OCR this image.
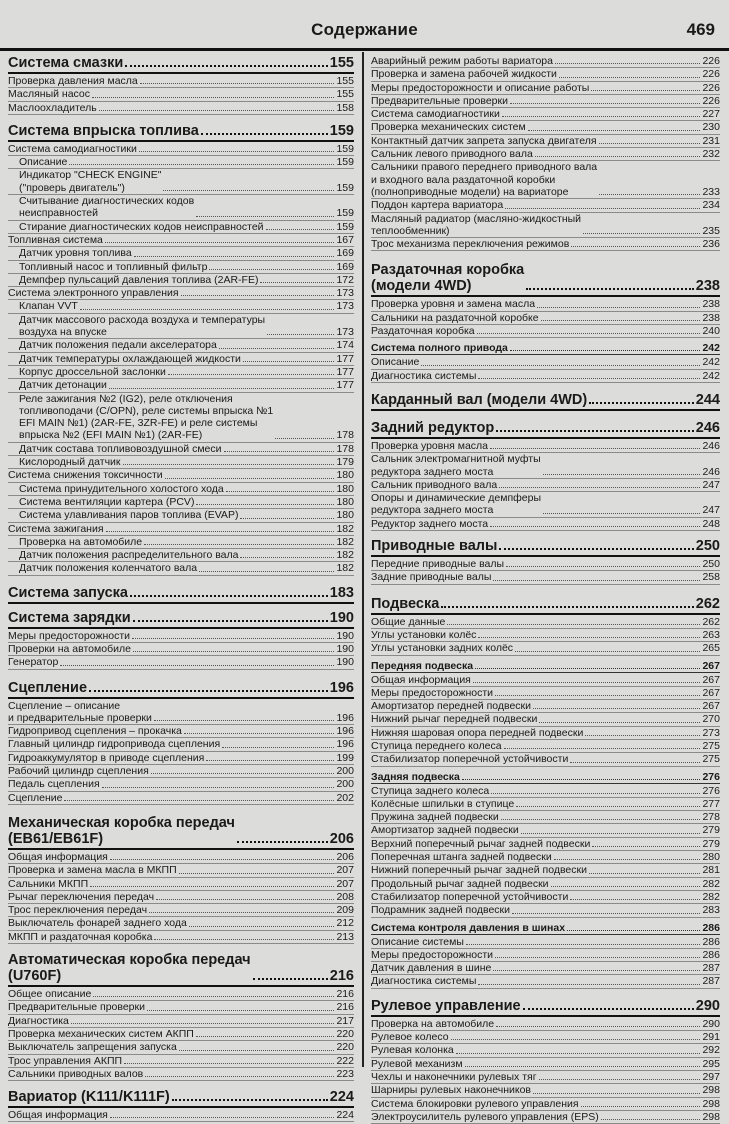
Содержание	469
Система смазки	155
Проверка давления масла	155
Масляный насос	155
Маслоохладитель	158
Система впрыска топлива	159
Система самодиагностики	159
Описание	159
Индикатор "CHECK ENGINE"
("проверь двигатель")	159
Считывание диагностических кодов
неисправностей	159
Стирание диагностических кодов неисправностей	159
Топливная система	167
Датчик уровня топлива	169
Топливный насос и топливный фильтр	169
Демпфер пульсаций давления топлива (2AR-FE)	172
Система электронного управления	173
Клапан VVT	173
Датчик массового расхода воздуха и температуры
воздуха на впуске	173
Датчик положения педали акселератора	174
Датчик температуры охлаждающей жидкости	177
Корпус дроссельной заслонки	177
Датчик детонации	177
Реле зажигания №2 (IG2), реле отключения
топливоподачи (C/OPN), реле системы впрыска №1
EFI MAIN №1) (2AR-FE, 3ZR-FE) и реле системы
впрыска №2 (EFI MAIN №1) (2AR-FE)	178
Датчик состава топливовоздушной смеси	178
Кислородный датчик	179
Система снижения токсичности	180
Система принудительного холостого хода	180
Система вентиляции картера (PCV)	180
Система улавливания паров топлива (EVAP)	180
Система зажигания	182
Проверка на автомобиле	182
Датчик положения распределительного вала	182
Датчик положения коленчатого вала	182
Система запуска	183
Система зарядки	190
Меры предосторожности	190
Проверки на автомобиле	190
Генератор	190
Сцепление	196
Сцепление – описание
и предварительные проверки	196
Гидропривод сцепления – прокачка	196
Главный цилиндр гидропривода сцепления	196
Гидроаккумулятор в приводе сцепления	199
Рабочий цилиндр сцепления	200
Педаль сцепления	200
Сцепление	202
Механическая коробка передач
(EB61/EB61F)	206
Общая информация	206
Проверка и замена масла в МКПП	207
Сальники МКПП	207
Рычаг переключения передач	208
Трос переключения передач	209
Выключатель фонарей заднего хода	212
МКПП и раздаточная коробка	213
Автоматическая коробка передач
(U760F)	216
Общее описание	216
Предварительные проверки	216
Диагностика	217
Проверка механических систем АКПП	220
Выключатель запрещения запуска	220
Трос управления АКПП	222
Сальники приводных валов	223
Вариатор (K111/K111F)	224
Общая информация	224
Аварийный режим работы вариатора	226
Проверка и замена рабочей жидкости	226
Меры предосторожности и описание работы	226
Предварительные проверки	226
Система самодиагностики	227
Проверка механических систем	230
Контактный датчик запрета запуска двигателя	231
Сальник левого приводного вала	232
Сальники правого переднего приводного вала
и входного вала раздаточной коробки
(полноприводные модели) на вариаторе	233
Поддон картера вариатора	234
Масляный радиатор (масляно-жидкостный
теплообменник)	235
Трос механизма переключения режимов	236
Раздаточная коробка
(модели 4WD)	238
Проверка уровня и замена масла	238
Сальники на раздаточной коробке	238
Раздаточная коробка	240
Система полного привода	242
Описание	242
Диагностика системы	242
Карданный вал (модели 4WD)	244
Задний редуктор	246
Проверка уровня масла	246
Сальник электромагнитной муфты
редуктора заднего моста	246
Сальник приводного вала	247
Опоры и динамические демпферы
редуктора заднего моста	247
Редуктор заднего моста	248
Приводные валы	250
Передние приводные валы	250
Задние приводные валы	258
Подвеска	262
Общие данные	262
Углы установки колёс	263
Углы установки задних колёс	265
Передняя подвеска	267
Общая информация	267
Меры предосторожности	267
Амортизатор передней подвески	267
Нижний рычаг передней подвески	270
Нижняя шаровая опора передней подвески	273
Ступица переднего колеса	275
Стабилизатор поперечной устойчивости	275
Задняя подвеска	276
Ступица заднего колеса	276
Колёсные шпильки в ступице	277
Пружина задней подвески	278
Амортизатор задней подвески	279
Верхний поперечный рычаг задней подвески	279
Поперечная штанга задней подвески	280
Нижний поперечный рычаг задней подвески	281
Продольный рычаг задней подвески	282
Стабилизатор поперечной устойчивости	282
Подрамник задней подвески	283
Система контроля давления в шинах	286
Описание системы	286
Меры предосторожности	286
Датчик давления в шине	287
Диагностика системы	287
Рулевое управление	290
Проверка на автомобиле	290
Рулевое колесо	291
Рулевая колонка	292
Рулевой механизм	295
Чехлы и наконечники рулевых тяг	297
Шарниры рулевых наконечников	298
Система блокировки рулевого управления	298
Электроусилитель рулевого управления (EPS)	298
